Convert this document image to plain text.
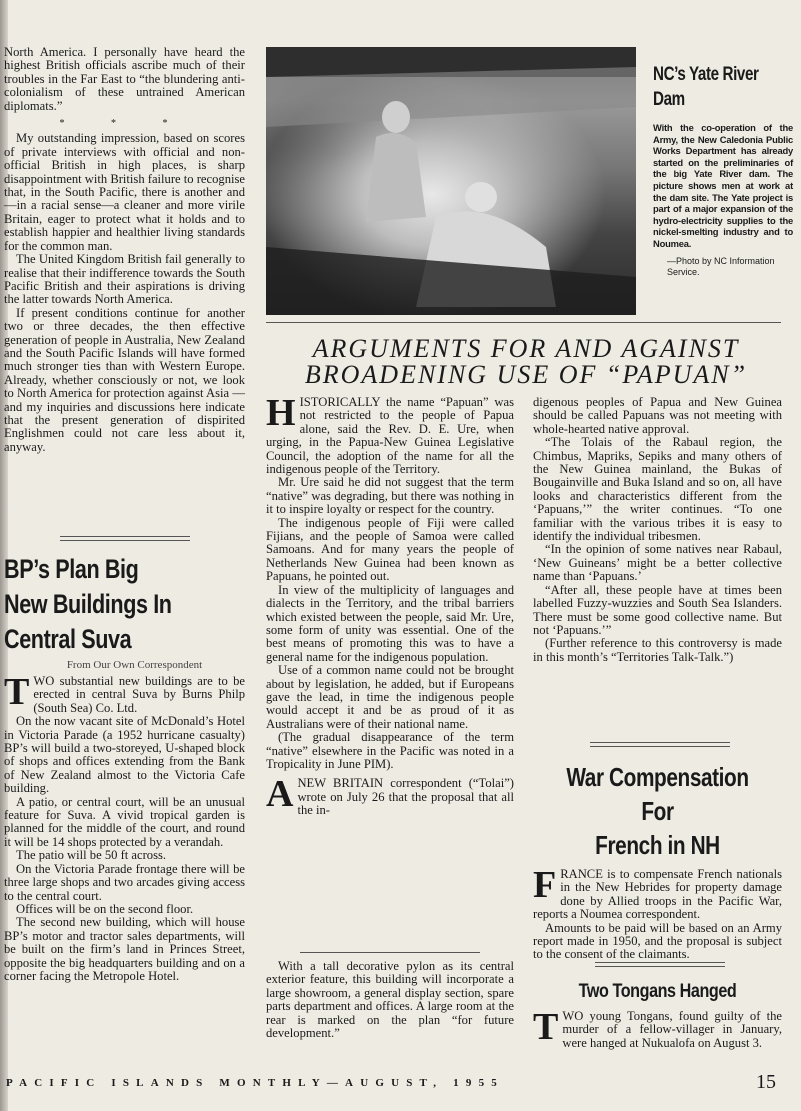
North America. I personally have heard the highest British officials ascribe much of their troubles in the Far East to “the blundering anti-colonialism of these untrained American diplomats.”

* * *

My outstanding impression, based on scores of private interviews with official and non-official British in high places, is sharp disappointment with British failure to recognise that, in the South Pacific, there is another and—in a racial sense—a cleaner and more virile Britain, eager to protect what it holds and to establish happier and healthier living standards for the common man.

The United Kingdom British fail generally to realise that their indifference towards the South Pacific British and their aspirations is driving the latter towards North America.

If present conditions continue for another two or three decades, the then effective generation of people in Australia, New Zealand and the South Pacific Islands will have formed much stronger ties than with Western Europe. Already, whether consciously or not, we look to North America for protection against Asia —and my inquiries and discussions here indicate that the present generation of dispirited Englishmen could not care less about it, anyway.

BP’s Plan Big New Buildings In Central Suva
From Our Own Correspondent

TWO substantial new buildings are to be erected in central Suva by Burns Philp (South Sea) Co. Ltd.

On the now vacant site of McDonald’s Hotel in Victoria Parade (a 1952 hurricane casualty) BP’s will build a two-storeyed, U-shaped block of shops and offices extending from the Bank of New Zealand almost to the Victoria Cafe building.

A patio, or central court, will be an unusual feature for Suva. A vivid tropical garden is planned for the middle of the court, and round it will be 14 shops protected by a verandah.

The patio will be 50 ft across.

On the Victoria Parade frontage there will be three large shops and two arcades giving access to the central court.

Offices will be on the second floor.

The second new building, which will house BP’s motor and tractor sales departments, will be built on the firm’s land in Princes Street, opposite the big headquarters building and on a corner facing the Metropole Hotel.

NC’s Yate River Dam
With the co-operation of the Army, the New Caledonia Public Works Department has already started on the preliminaries of the big Yate River dam. The picture shows men at work at the dam site. The Yate project is part of a major expansion of the hydro-electricity supplies to the nickel-smelting industry and to Noumea.
—Photo by NC Information Service.
ARGUMENTS FOR AND AGAINST
BROADENING USE OF “PAPUAN”

HISTORICALLY the name “Papuan” was not restricted to the people of Papua alone, said the Rev. D. E. Ure, when urging, in the Papua-New Guinea Legislative Council, the adoption of the name for all the indigenous people of the Territory.

Mr. Ure said he did not suggest that the term “native” was degrading, but there was nothing in it to inspire loyalty or respect for the country.

The indigenous people of Fiji were called Fijians, and the people of Samoa were called Samoans. And for many years the people of Netherlands New Guinea had been known as Papuans, he pointed out.

In view of the multiplicity of languages and dialects in the Territory, and the tribal barriers which existed between the people, said Mr. Ure, some form of unity was essential. One of the best means of promoting this was to have a general name for the indigenous population.

Use of a common name could not be brought about by legislation, he added, but if Europeans gave the lead, in time the indigenous people would accept it and be as proud of it as Australians were of their national name.

(The gradual disappearance of the term “native” elsewhere in the Pacific was noted in a Tropicality in June PIM).

ANEW BRITAIN correspondent (“Tolai”) wrote on July 26 that the proposal that all the in-

With a tall decorative pylon as its central exterior feature, this building will incorporate a large showroom, a general display section, spare parts department and offices. A large room at the rear is marked on the plan “for future development.”

digenous peoples of Papua and New Guinea should be called Papuans was not meeting with whole-hearted native approval.

“The Tolais of the Rabaul region, the Chimbus, Mapriks, Sepiks and many others of the New Guinea mainland, the Bukas of Bougainville and Buka Island and so on, all have looks and characteristics different from the ‘Papuans,’” the writer continues. “To one familiar with the various tribes it is easy to identify the individual tribesmen.

“In the opinion of some natives near Rabaul, ‘New Guineans’ might be a better collective name than ‘Papuans.’

“After all, these people have at times been labelled Fuzzy-wuzzies and South Sea Islanders. There must be some good collective name. But not ‘Papuans.’”

(Further reference to this controversy is made in this month’s “Territories Talk-Talk.”)

War Compensation For
French in NH

FRANCE is to compensate French nationals in the New Hebrides for property damage done by Allied troops in the Pacific War, reports a Noumea correspondent.

Amounts to be paid will be based on an Army report made in 1950, and the proposal is subject to the consent of the claimants.

Two Tongans Hanged

TWO young Tongans, found guilty of the murder of a fellow-villager in January, were hanged at Nukualofa on August 3.

PACIFIC ISLANDS MONTHLY—AUGUST, 1955	15
